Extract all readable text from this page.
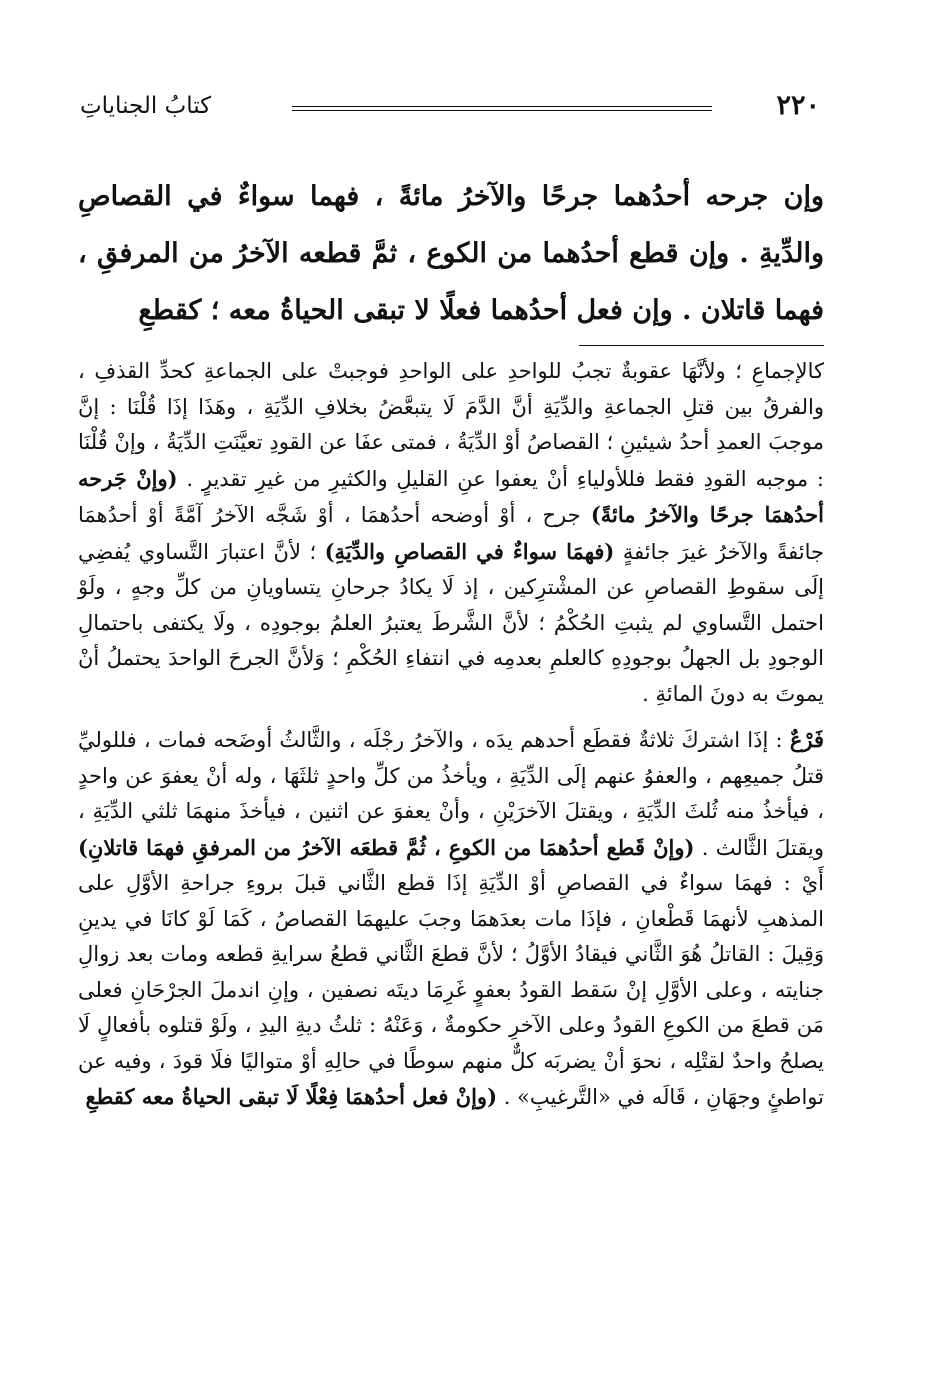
٢٢٠
كتابُ الجناياتِ
وإن جرحه أحدُهما جرحًا والآخرُ مائةً ، فهما سواءٌ في القصاصِ والدِّيةِ . وإن قطع أحدُهما من الكوع ، ثمَّ قطعه الآخرُ من المرفقِ ، فهما قاتلان . وإن فعل أحدُهما فعلًا لا تبقى الحياةُ معه ؛ كقطعِ

كالإجماعِ ؛ ولأنَّهَا عقوبةٌ تجبُ للواحدِ على الواحدِ فوجبتْ على الجماعةِ كحدِّ القذفِ ، والفرقُ بين قتلِ الجماعةِ والدِّيَةِ أنَّ الدَّمَ لَا يتبعَّضُ بخلافِ الدِّيَةِ ، وهَذَا إذَا قُلْنَا : إنَّ موجبَ العمدِ أحدُ شيئينِ ؛ القصاصُ أوْ الدِّيَةُ ، فمتى عفَا عن القودِ تعيَّنَتِ الدِّيَةُ ، وإنْ قُلْنَا : موجبه القودِ فقط فللأولياءِ أنْ يعفوا عنِ القليلِ والكثيرِ من غيرِ تقديرٍ . (وإنْ جَرحه أحدُهمَا جرحًا والآخرُ مائةً) جرح ، أوْ أوضحه أحدُهمَا ، أوْ شَجَّه الآخرُ آمَّةً أوْ أحدُهمَا جائفةً والآخرُ غيرَ جائفةٍ (فهمَا سواءٌ في القصاصِ والدِّيَةِ) ؛ لأنَّ اعتبارَ التَّساوي يُفضِي إلَى سقوطِ القصاصِ عن المشْترِكين ، إذ لَا يكادُ جرحانِ يتساويانِ من كلِّ وجهٍ ، ولَوْ احتمل التَّساوي لم يثبتِ الحُكْمُ ؛ لأنَّ الشَّرطَ يعتبرُ العلمُ بوجودِه ، ولَا يكتفى باحتمالِ الوجودِ بل الجهلُ بوجودِهِ كالعلمِ بعدمِه في انتفاءِ الحُكْمِ ؛ وَلأنَّ الجرحَ الواحدَ يحتملُ أنْ يموتَ به دونَ المائةِ .

فَرْعٌ : إذَا اشتركَ ثلاثةٌ فقطَع أحدهم يدَه ، والآخرُ رجْلَه ، والثَّالثُ أوضَحه فمات ، فللوليِّ قتلُ جميعِهم ، والعفوُ عنهم إلَى الدِّيَةِ ، ويأخذُ من كلِّ واحدٍ ثلثَهَا ، وله أنْ يعفوَ عن واحدٍ ، فيأخذُ منه ثُلثَ الدِّيَةِ ، ويقتلَ الآخرَيْنِ ، وأنْ يعفوَ عن اثنين ، فيأخذَ منهمَا ثلثي الدِّيَةِ ، ويقتلَ الثَّالث . (وإنْ قَطع أحدُهمَا من الكوعِ ، ثُمَّ قطعَه الآخرُ من المرفقِ فهمَا قاتلانِ) أَيْ : فهمَا سواءٌ في القصاصِ أوْ الدِّيَةِ إذَا قطع الثَّاني قبلَ بروءِ جراحةِ الأوَّلِ على المذهبِ لأنهمَا قَطْعانِ ، فإذَا مات بعدَهمَا وجبَ عليهمَا القصاصُ ، كَمَا لَوْ كانَا في يدينِ وَقِيلَ : القاتلُ هُوَ الثَّاني فيقادُ الأوَّلُ ؛ لأنَّ قطعَ الثَّاني قطعُ سرايةِ قطعه ومات بعد زوالِ جنايته ، وعلى الأوَّلِ إنْ سَقط القودُ بعفوٍ غَرِمَا ديتَه نصفين ، وإنِ اندملَ الجرْحَانِ فعلى مَن قطعَ من الكوعِ القودُ وعلى الآخرِ حكومةٌ ، وَعَنْهُ : ثلثُ ديةِ اليدِ ، ولَوْ قتلوه بأفعالٍ لَا يصلحُ واحدٌ لقتْلِه ، نحوَ أنْ يضربَه كلٌّ منهم سوطًا في حالِهِ أوْ متواليًا فلَا قودَ ، وفيه عن تواطئٍ وجهَانِ ، قَالَه في «التَّرغيبِ» . (وإنْ فعل أحدُهمَا فِعْلًا لَا تبقى الحياةُ معه كقطعِ
